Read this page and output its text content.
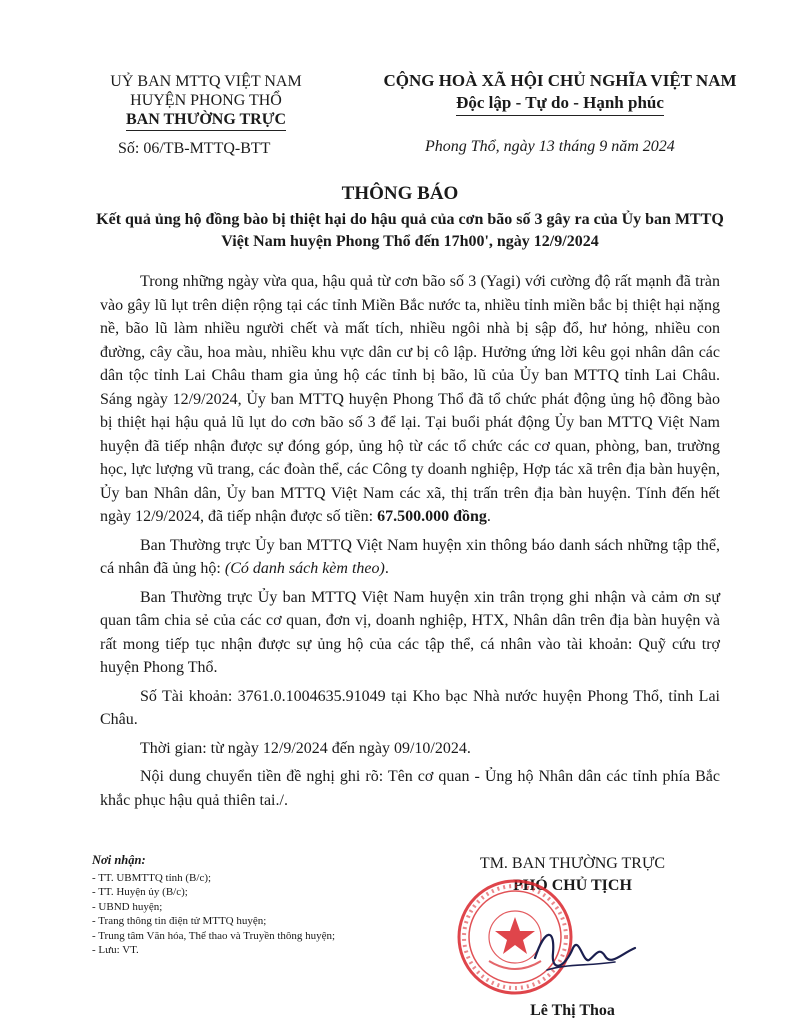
UỶ BAN MTTQ VIỆT NAM
HUYỆN PHONG THỔ
BAN THƯỜNG TRỰC
Số: 06/TB-MTTQ-BTT
CỘNG HOÀ XÃ HỘI CHỦ NGHĨA VIỆT NAM
Độc lập - Tự do - Hạnh phúc
Phong Thổ, ngày 13 tháng 9 năm 2024
THÔNG BÁO
Kết quả ủng hộ đồng bào bị thiệt hại do hậu quả của cơn bão số 3 gây ra của Ủy ban MTTQ Việt Nam huyện Phong Thổ đến 17h00', ngày 12/9/2024

Trong những ngày vừa qua, hậu quả từ cơn bão số 3 (Yagi) với cường độ rất mạnh đã tràn vào gây lũ lụt trên diện rộng tại các tỉnh Miền Bắc nước ta, nhiều tỉnh miền bắc bị thiệt hại nặng nề, bão lũ làm nhiều người chết và mất tích, nhiều ngôi nhà bị sập đổ, hư hỏng, nhiều con đường, cây cầu, hoa màu, nhiều khu vực dân cư bị cô lập. Hưởng ứng lời kêu gọi nhân dân các dân tộc tỉnh Lai Châu tham gia ủng hộ các tỉnh bị bão, lũ của Ủy ban MTTQ tỉnh Lai Châu. Sáng ngày 12/9/2024, Ủy ban MTTQ huyện Phong Thổ đã tổ chức phát động ủng hộ đồng bào bị thiệt hại hậu quả lũ lụt do cơn bão số 3 để lại. Tại buổi phát động Ủy ban MTTQ Việt Nam huyện đã tiếp nhận được sự đóng góp, ủng hộ từ các tổ chức các cơ quan, phòng, ban, trường học, lực lượng vũ trang, các đoàn thể, các Công ty doanh nghiệp, Hợp tác xã trên địa bàn huyện, Ủy ban Nhân dân, Ủy ban MTTQ Việt Nam các xã, thị trấn trên địa bàn huyện. Tính đến hết ngày 12/9/2024, đã tiếp nhận được số tiền: 67.500.000 đồng.

Ban Thường trực Ủy ban MTTQ Việt Nam huyện xin thông báo danh sách những tập thể, cá nhân đã ủng hộ: (Có danh sách kèm theo).

Ban Thường trực Ủy ban MTTQ Việt Nam huyện xin trân trọng ghi nhận và cảm ơn sự quan tâm chia sẻ của các cơ quan, đơn vị, doanh nghiệp, HTX, Nhân dân trên địa bàn huyện và rất mong tiếp tục nhận được sự ủng hộ của các tập thể, cá nhân vào tài khoản: Quỹ cứu trợ huyện Phong Thổ.

Số Tài khoản: 3761.0.1004635.91049 tại Kho bạc Nhà nước huyện Phong Thổ, tỉnh Lai Châu.

Thời gian: từ ngày 12/9/2024 đến ngày 09/10/2024.

Nội dung chuyển tiền đề nghị ghi rõ: Tên cơ quan - Ủng hộ Nhân dân các tỉnh phía Bắc khắc phục hậu quả thiên tai./.

Nơi nhận:
- TT. UBMTTQ tỉnh (B/c);
- TT. Huyện ủy (B/c);
- UBND huyện;
- Trang thông tin điện tử MTTQ huyện;
- Trung tâm Văn hóa, Thể thao và Truyền thông huyện;
- Lưu: VT.
TM. BAN THƯỜNG TRỰC
PHÓ CHỦ TỊCH
Lê Thị Thoa
